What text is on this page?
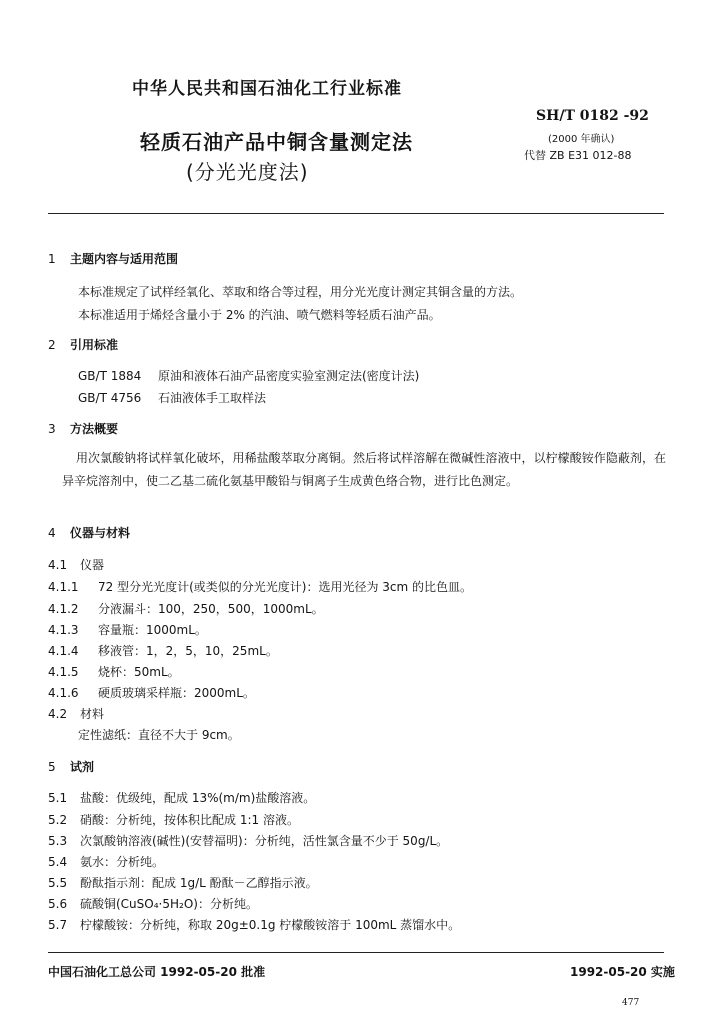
中华人民共和国石油化工行业标准
轻质石油产品中铜含量测定法
(分光光度法)
SH/T 0182 -92
(2000 年确认)
代替 ZB E31 012-88
1 主题内容与适用范围
本标准规定了试样经氧化、萃取和络合等过程，用分光光度计测定其铜含量的方法。
本标准适用于烯烃含量小于 2% 的汽油、喷气燃料等轻质石油产品。
2 引用标准
GB/T 1884 原油和液体石油产品密度实验室测定法(密度计法)
GB/T 4756 石油液体手工取样法
3 方法概要
用次氯酸钠将试样氧化破坏，用稀盐酸萃取分离铜。然后将试样溶解在微碱性溶液中，以柠檬酸铵作隐蔽剂，在异辛烷溶剂中，使二乙基二硫化氨基甲酸铅与铜离子生成黄色络合物，进行比色测定。
4 仪器与材料
4.1 仪器
4.1.1 72 型分光光度计(或类似的分光光度计)：选用光径为 3cm 的比色皿。
4.1.2 分液漏斗：100，250，500，1000mL。
4.1.3 容量瓶：1000mL。
4.1.4 移液管：1，2，5，10，25mL。
4.1.5 烧杯：50mL。
4.1.6 硬质玻璃采样瓶：2000mL。
4.2 材料
定性滤纸：直径不大于 9cm。
5 试剂
5.1 盐酸：优级纯，配成 13%(m/m)盐酸溶液。
5.2 硝酸：分析纯，按体积比配成 1:1 溶液。
5.3 次氯酸钠溶液(碱性)(安替福明)：分析纯，活性氯含量不少于 50g/L。
5.4 氨水：分析纯。
5.5 酚酞指示剂：配成 1g/L 酚酞－乙醇指示液。
5.6 硫酸铜(CuSO₄·5H₂O)：分析纯。
5.7 柠檬酸铵：分析纯，称取 20g±0.1g 柠檬酸铵溶于 100mL 蒸馏水中。
中国石油化工总公司 1992-05-20 批准	1992-05-20 实施
477
